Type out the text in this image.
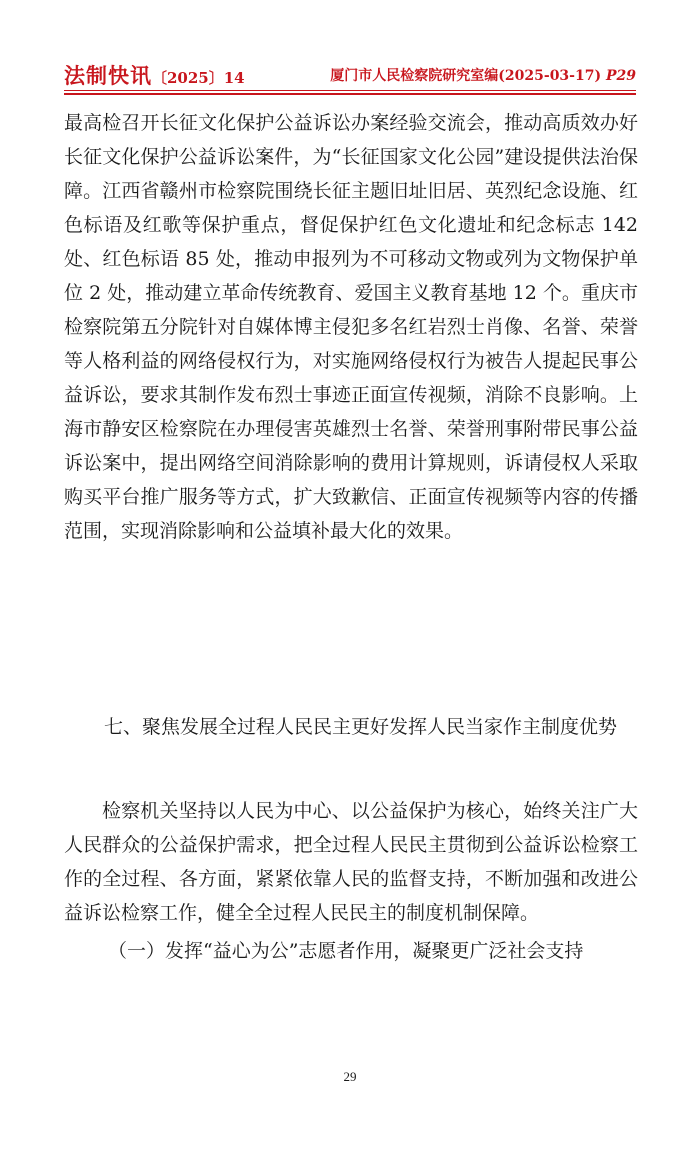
法制快讯〔2025〕14	厦门市人民检察院研究室编(2025-03-17) P29

最高检召开长征文化保护公益诉讼办案经验交流会，推动高质效办好长征文化保护公益诉讼案件，为“长征国家文化公园”建设提供法治保障。江西省赣州市检察院围绕长征主题旧址旧居、英烈纪念设施、红色标语及红歌等保护重点，督促保护红色文化遗址和纪念标志 142 处、红色标语 85 处，推动申报列为不可移动文物或列为文物保护单位 2 处，推动建立革命传统教育、爱国主义教育基地 12 个。重庆市检察院第五分院针对自媒体博主侵犯多名红岩烈士肖像、名誉、荣誉等人格利益的网络侵权行为，对实施网络侵权行为被告人提起民事公益诉讼，要求其制作发布烈士事迹正面宣传视频，消除不良影响。上海市静安区检察院在办理侵害英雄烈士名誉、荣誉刑事附带民事公益诉讼案中，提出网络空间消除影响的费用计算规则，诉请侵权人采取购买平台推广服务等方式，扩大致歉信、正面宣传视频等内容的传播范围，实现消除影响和公益填补最大化的效果。

七、聚焦发展全过程人民民主更好发挥人民当家作主制度优势

检察机关坚持以人民为中心、以公益保护为核心，始终关注广大人民群众的公益保护需求，把全过程人民民主贯彻到公益诉讼检察工作的全过程、各方面，紧紧依靠人民的监督支持，不断加强和改进公益诉讼检察工作，健全全过程人民民主的制度机制保障。

（一）发挥“益心为公”志愿者作用，凝聚更广泛社会支持

29
